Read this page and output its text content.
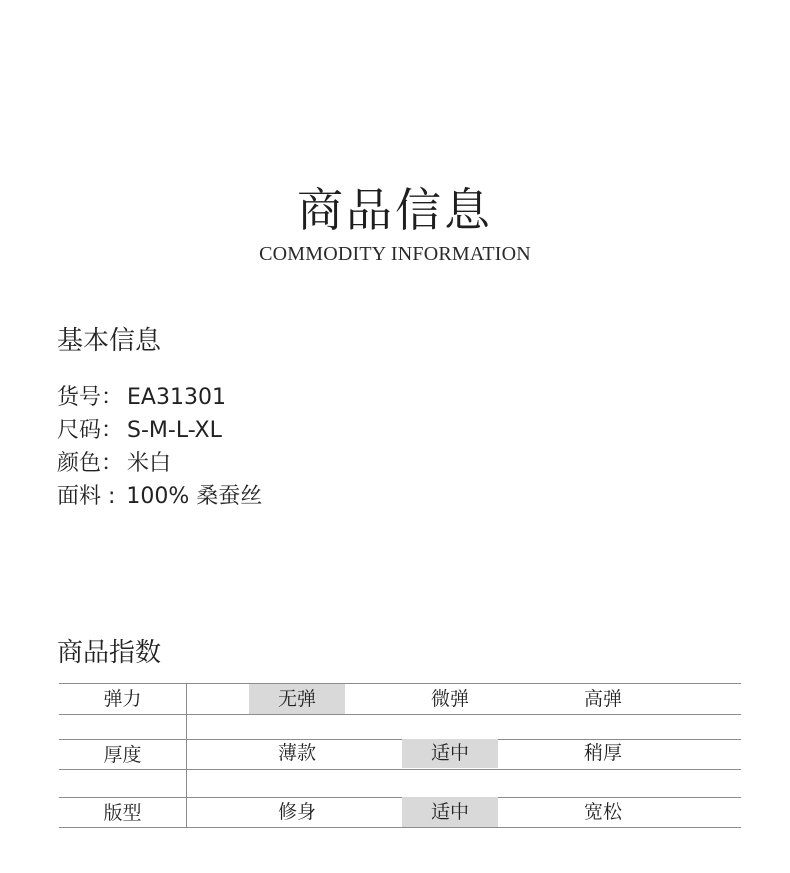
商品信息
COMMODITY INFORMATION
基本信息
货号： EA31301
尺码： S-M-L-XL
颜色： 米白
面料 : 100% 桑蚕丝
商品指数
弹力	无弹	微弹	高弹
厚度	薄款	适中	稍厚
版型	修身	适中	宽松
